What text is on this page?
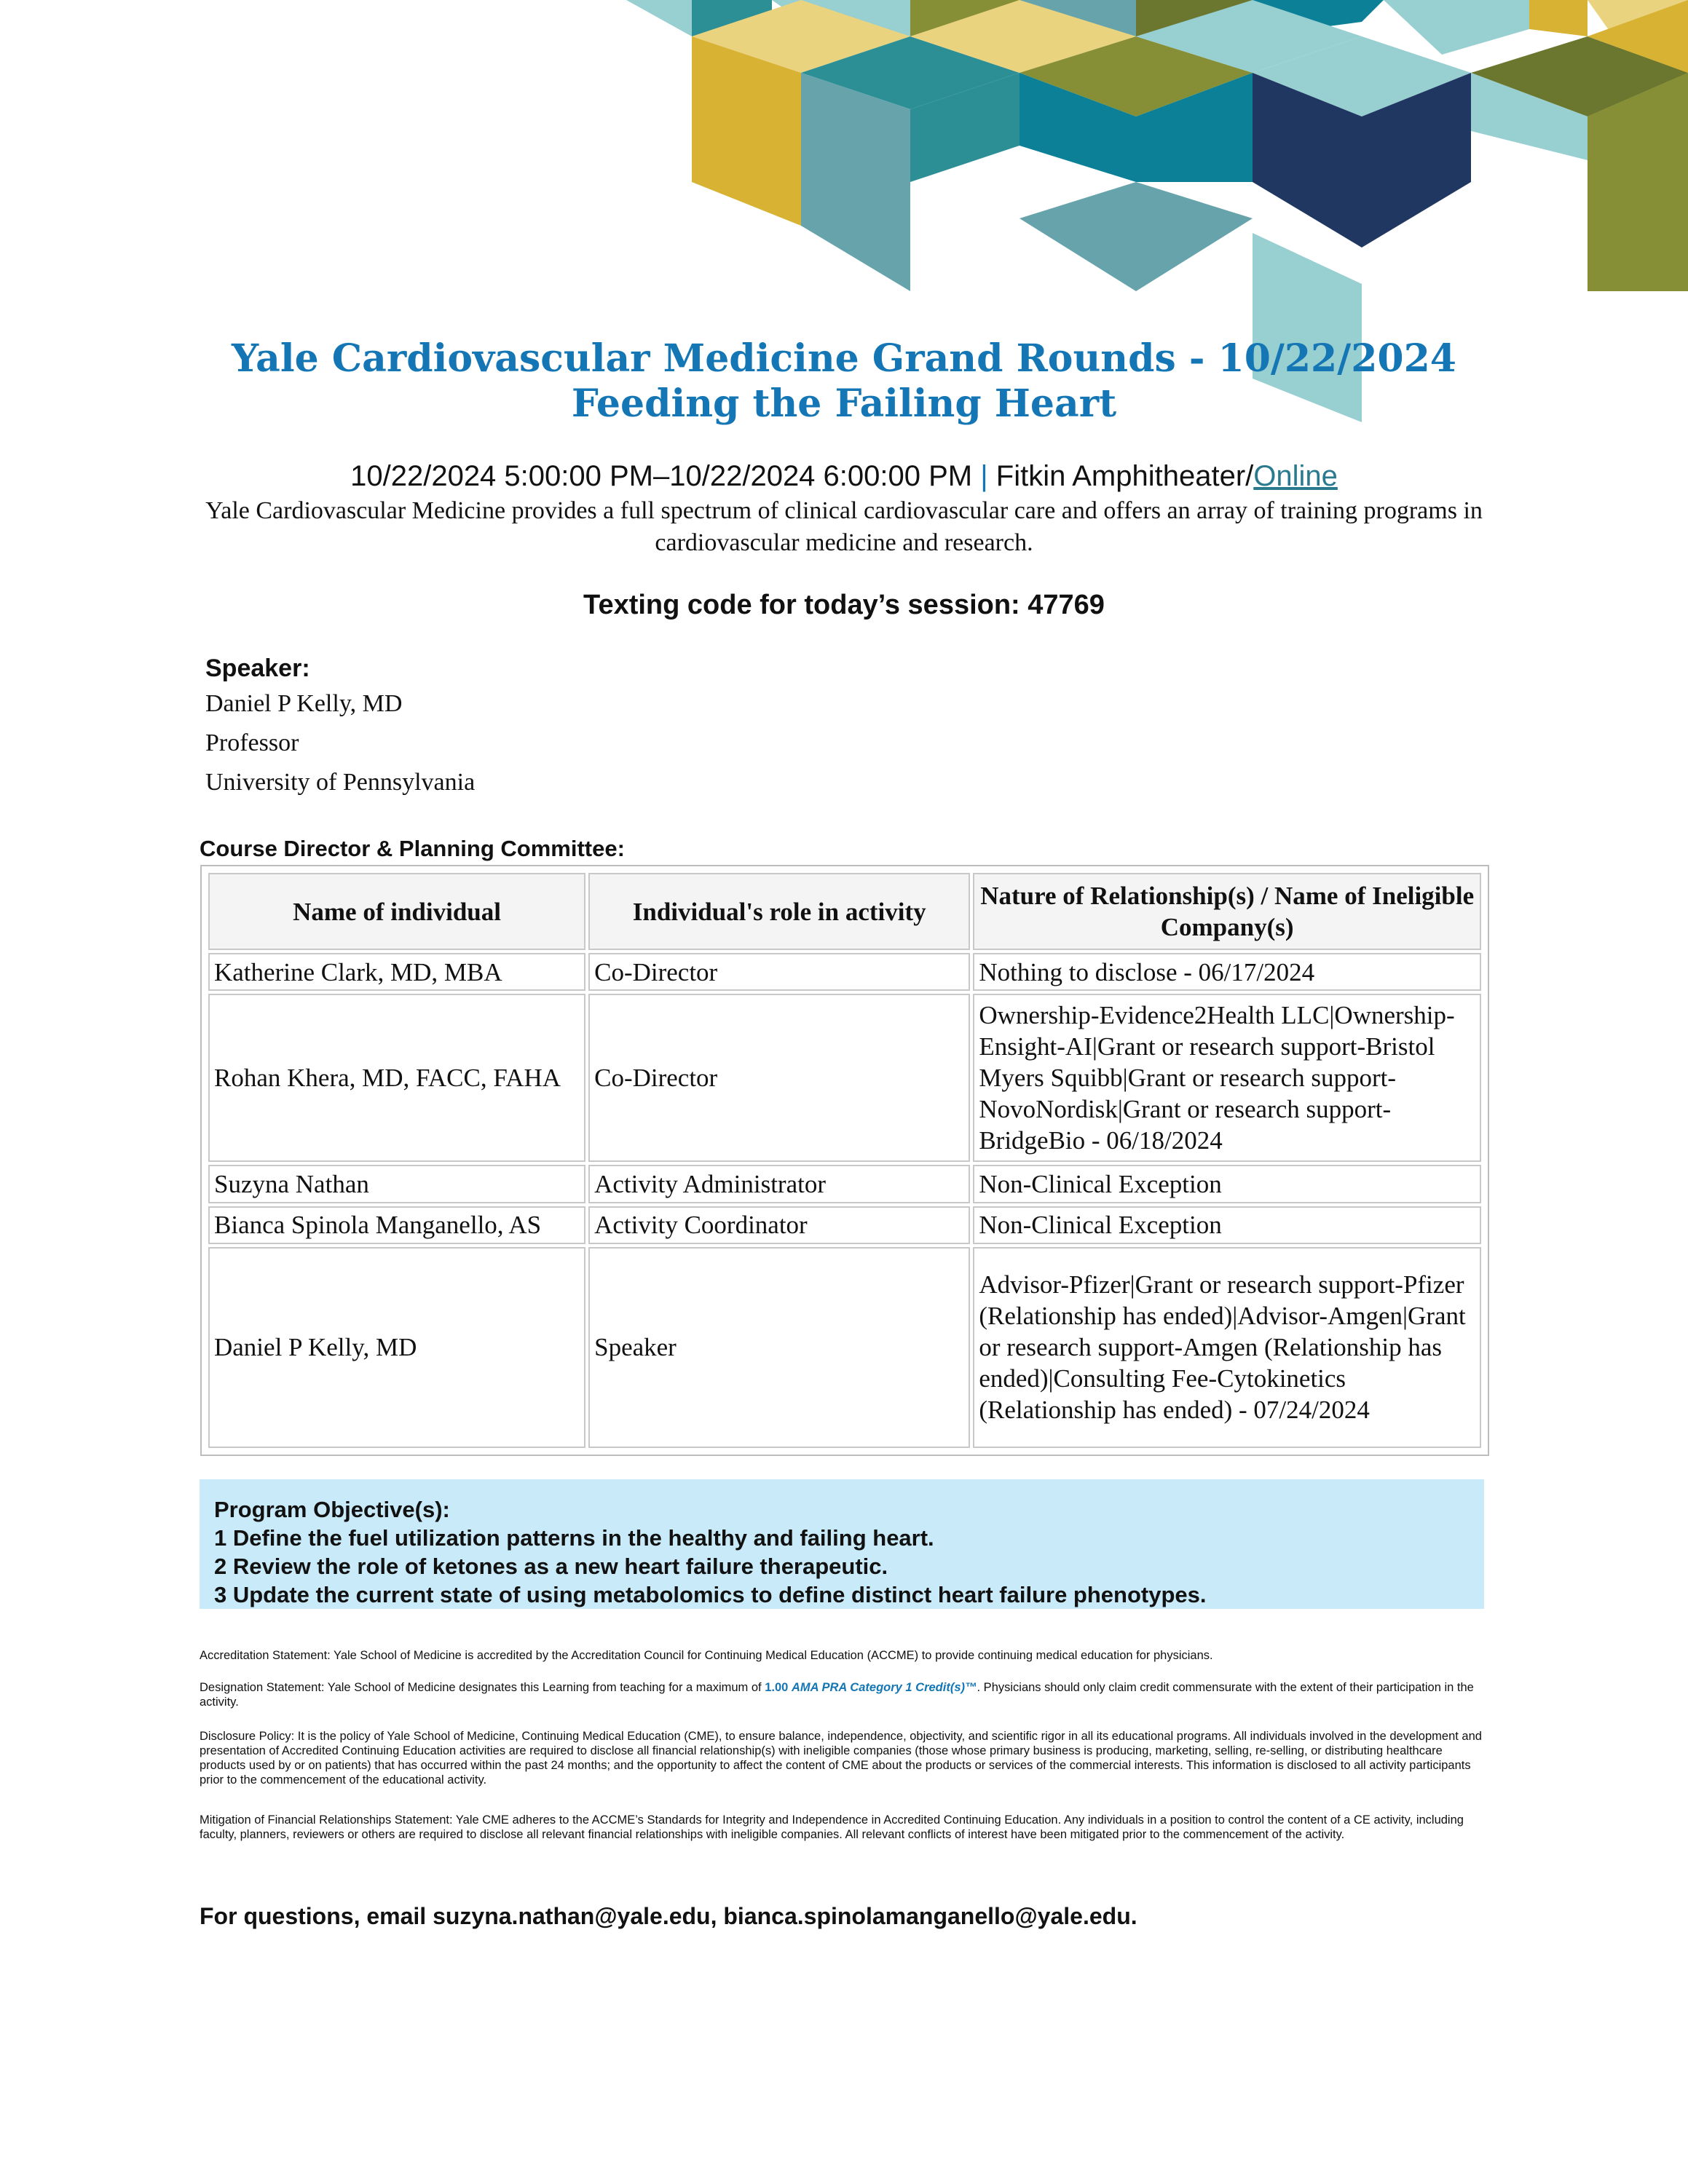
Yale Cardiovascular Medicine Grand Rounds - 10/22/2024
Feeding the Failing Heart
10/22/2024 5:00:00 PM–10/22/2024 6:00:00 PM | Fitkin Amphitheater/Online
Yale Cardiovascular Medicine provides a full spectrum of clinical cardiovascular care and offers an array of training programs in cardiovascular medicine and research.
Texting code for today’s session: 47769
Speaker:
Daniel P Kelly, MD
Professor
University of Pennsylvania
Course Director & Planning Committee:
Name of individual	Individual's role in activity	Nature of Relationship(s) / Name of Ineligible Company(s)
Katherine Clark, MD, MBA	Co-Director	Nothing to disclose - 06/17/2024
Rohan Khera, MD, FACC, FAHA	Co-Director	Ownership-Evidence2Health LLC|Ownership-Ensight-AI|Grant or research support-Bristol Myers Squibb|Grant or research support-NovoNordisk|Grant or research support-BridgeBio - 06/18/2024
Suzyna Nathan	Activity Administrator	Non-Clinical Exception
Bianca Spinola Manganello, AS	Activity Coordinator	Non-Clinical Exception
Daniel P Kelly, MD	Speaker	Advisor-Pfizer|Grant or research support-Pfizer (Relationship has ended)|Advisor-Amgen|Grant or research support-Amgen (Relationship has ended)|Consulting Fee-Cytokinetics (Relationship has ended) - 07/24/2024
Program Objective(s):
1 Define the fuel utilization patterns in the healthy and failing heart.
2 Review the role of ketones as a new heart failure therapeutic.
3 Update the current state of using metabolomics to define distinct heart failure phenotypes.
Accreditation Statement: Yale School of Medicine is accredited by the Accreditation Council for Continuing Medical Education (ACCME) to provide continuing medical education for physicians.
Designation Statement: Yale School of Medicine designates this Learning from teaching for a maximum of 1.00 AMA PRA Category 1 Credit(s)™. Physicians should only claim credit commensurate with the extent of their participation in the activity.
Disclosure Policy: It is the policy of Yale School of Medicine, Continuing Medical Education (CME), to ensure balance, independence, objectivity, and scientific rigor in all its educational programs. All individuals involved in the development and presentation of Accredited Continuing Education activities are required to disclose all financial relationship(s) with ineligible companies (those whose primary business is producing, marketing, selling, re-selling, or distributing healthcare products used by or on patients) that has occurred within the past 24 months; and the opportunity to affect the content of CME about the products or services of the commercial interests. This information is disclosed to all activity participants prior to the commencement of the educational activity.
Mitigation of Financial Relationships Statement: Yale CME adheres to the ACCME’s Standards for Integrity and Independence in Accredited Continuing Education. Any individuals in a position to control the content of a CE activity, including faculty, planners, reviewers or others are required to disclose all relevant financial relationships with ineligible companies. All relevant conflicts of interest have been mitigated prior to the commencement of the activity.
For questions, email suzyna.nathan@yale.edu, bianca.spinolamanganello@yale.edu.
